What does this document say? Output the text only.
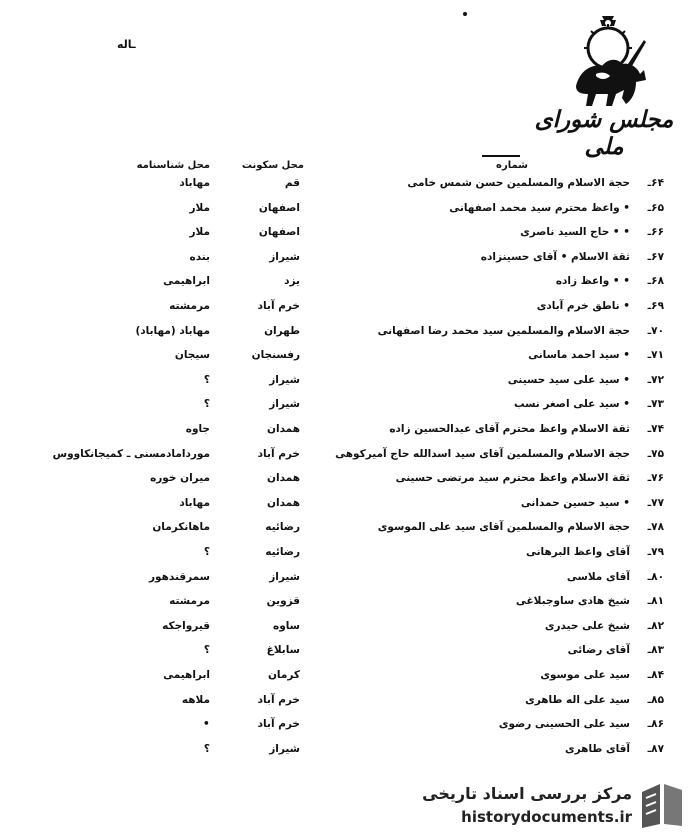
ـاله
مجلس شورای ملی
شماره
محل سکونت
محل شناسنامه
۶۴ـ
حجة الاسلام والمسلمین حسن شمس خامی
قم
مهاباد
۶۵ـ
• واعظ محترم سید محمد اصفهانی
اصفهان
ملار
۶۶ـ
• • حاج السید ناصری
اصفهان
ملار
۶۷ـ
ثقة الاسلام • آقای حسینزاده
شیراز
بنده
۶۸ـ
• • واعظ زاده
یزد
ابراهیمی
۶۹ـ
• ناطق خرم آبادی
خرم آباد
مرمشته
۷۰ـ
حجة الاسلام والمسلمین سید محمد رضا اصفهانی
طهران
مهاباد (مهاباد)
۷۱ـ
• سید احمد ماسانی
رفسنجان
سیجان
۷۲ـ
• سید علی سید حسینی
شیراز
؟
۷۳ـ
• سید علی اصغر نسب
شیراز
؟
۷۴ـ
ثقة الاسلام واعظ محترم آقای عبدالحسین زاده
همدان
جاوه
۷۵ـ
حجة الاسلام والمسلمین آقای سید اسدالله حاج آمیرکوهی
خرم آباد
موردامادمسنی ـ کمیجانکاووس
۷۶ـ
ثقة الاسلام واعظ محترم سید مرتضی حسینی
همدان
میران خوره
۷۷ـ
• سید حسین حمدانی
همدان
مهاباد
۷۸ـ
حجة الاسلام والمسلمین آقای سید علی الموسوی
رضائیه
ماهانکرمان
۷۹ـ
آقای واعظ البرهانی
رضائیه
؟
۸۰ـ
آقای ملاسی
شیراز
سمرقندهور
۸۱ـ
شیخ هادی ساوجبلاغی
قزوین
مرمشته
۸۲ـ
شیخ علی حیدری
ساوه
قیرواجکه
۸۳ـ
آقای رضائی
سابلاغ
؟
۸۴ـ
سید علی موسوی
کرمان
ابراهیمی
۸۵ـ
سید علی اله طاهری
خرم آباد
ملاهه
۸۶ـ
سید علی الحسینی رضوی
خرم آباد
•
۸۷ـ
آقای طاهری
شیراز
؟
مرکز بررسی اسناد تاریخی
historydocuments.ir
